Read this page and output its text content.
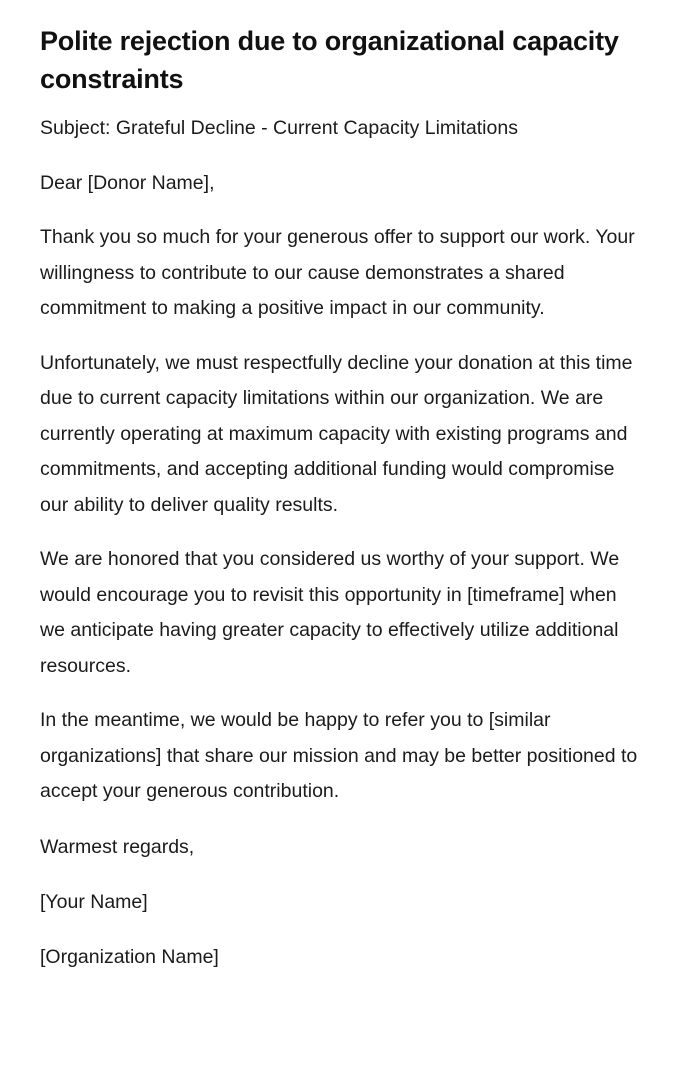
Polite rejection due to organizational capacity constraints

Subject: Grateful Decline - Current Capacity Limitations

Dear [Donor Name],

Thank you so much for your generous offer to support our work. Your willingness to contribute to our cause demonstrates a shared commitment to making a positive impact in our community.

Unfortunately, we must respectfully decline your donation at this time due to current capacity limitations within our organization. We are currently operating at maximum capacity with existing programs and commitments, and accepting additional funding would compromise our ability to deliver quality results.

We are honored that you considered us worthy of your support. We would encourage you to revisit this opportunity in [timeframe] when we anticipate having greater capacity to effectively utilize additional resources.

In the meantime, we would be happy to refer you to [similar organizations] that share our mission and may be better positioned to accept your generous contribution.

Warmest regards,

[Your Name]

[Organization Name]
